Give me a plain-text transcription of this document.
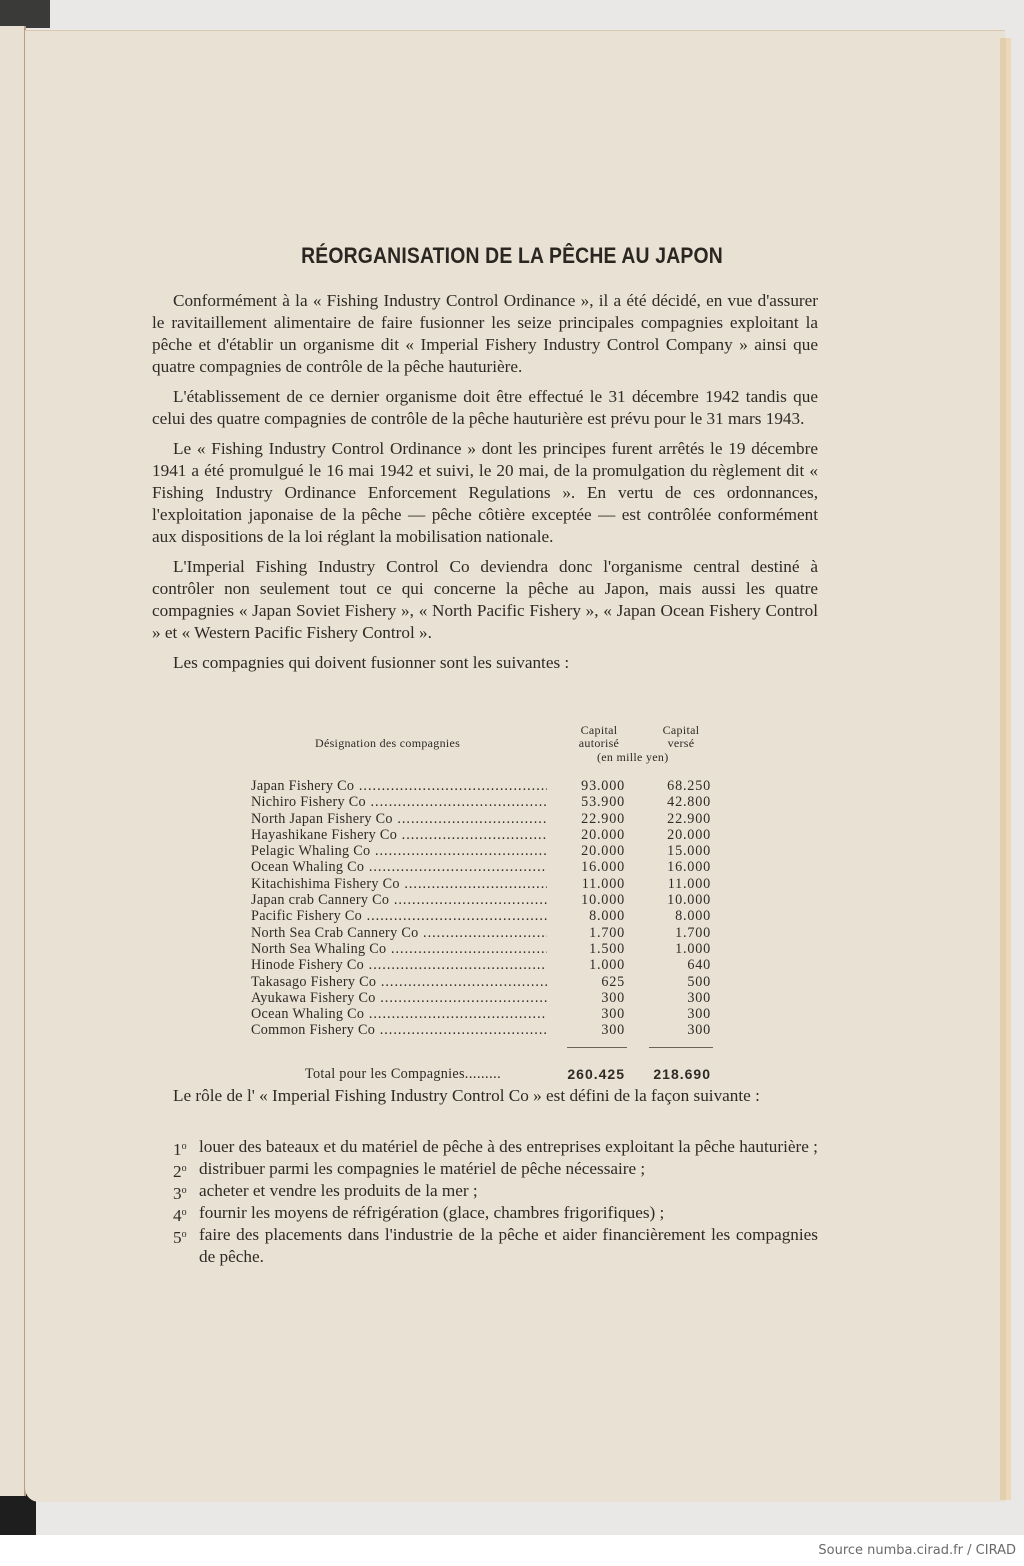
RÉORGANISATION DE LA PÊCHE AU JAPON

Conformément à la « Fishing Industry Control Ordinance », il a été décidé, en vue d'assurer le ravitaillement alimentaire de faire fusionner les seize principales compagnies exploitant la pêche et d'établir un organisme dit « Imperial Fishery Industry Control Company » ainsi que quatre compagnies de contrôle de la pêche hauturière.

L'établissement de ce dernier organisme doit être effectué le 31 décembre 1942 tandis que celui des quatre compagnies de contrôle de la pêche hauturière est prévu pour le 31 mars 1943.

Le « Fishing Industry Control Ordinance » dont les principes furent arrêtés le 19 décembre 1941 a été promulgué le 16 mai 1942 et suivi, le 20 mai, de la promulgation du règlement dit « Fishing Industry Ordinance Enforcement Regulations ». En vertu de ces ordonnances, l'exploitation japonaise de la pêche — pêche côtière exceptée — est contrôlée conformément aux dispositions de la loi réglant la mobilisation nationale.

L'Imperial Fishing Industry Control Co deviendra donc l'organisme central destiné à contrôler non seulement tout ce qui concerne la pêche au Japon, mais aussi les quatre compagnies « Japan Soviet Fishery », « North Pacific Fishery », « Japan Ocean Fishery Control » et « Western Pacific Fishery Control ».

Les compagnies qui doivent fusionner sont les suivantes :

Désignation des compagnies
Capital
autorisé
Capital
versé
(en mille yen)
Japan Fishery Co .....	93.000	68.250
Nichiro Fishery Co .....	53.900	42.800
North Japan Fishery Co .....	22.900	22.900
Hayashikane Fishery Co .....	20.000	20.000
Pelagic Whaling Co .....	20.000	15.000
Ocean Whaling Co .....	16.000	16.000
Kitachishima Fishery Co .....	11.000	11.000
Japan crab Cannery Co .....	10.000	10.000
Pacific Fishery Co .....	8.000	8.000
North Sea Crab Cannery Co .....	1.700	1.700
North Sea Whaling Co .....	1.500	1.000
Hinode Fishery Co .....	1.000	640
Takasago Fishery Co .....	625	500
Ayukawa Fishery Co .....	300	300
Ocean Whaling Co .....	300	300
Common Fishery Co .....	300	300
Total pour les Compagnies .....	260.425	218.690

Le rôle de l' « Imperial Fishing Industry Control Co » est défini de la façon suivante :

1$^o$ louer des bateaux et du matériel de pêche à des entreprises exploitant la pêche hauturière ;
2$^o$ distribuer parmi les compagnies le matériel de pêche nécessaire ;
3$^o$ acheter et vendre les produits de la mer ;
4$^o$ fournir les moyens de réfrigération (glace, chambres frigorifiques) ;
5$^o$ faire des placements dans l'industrie de la pêche et aider financièrement les compagnies de pêche.
Source numba.cirad.fr / CIRAD
